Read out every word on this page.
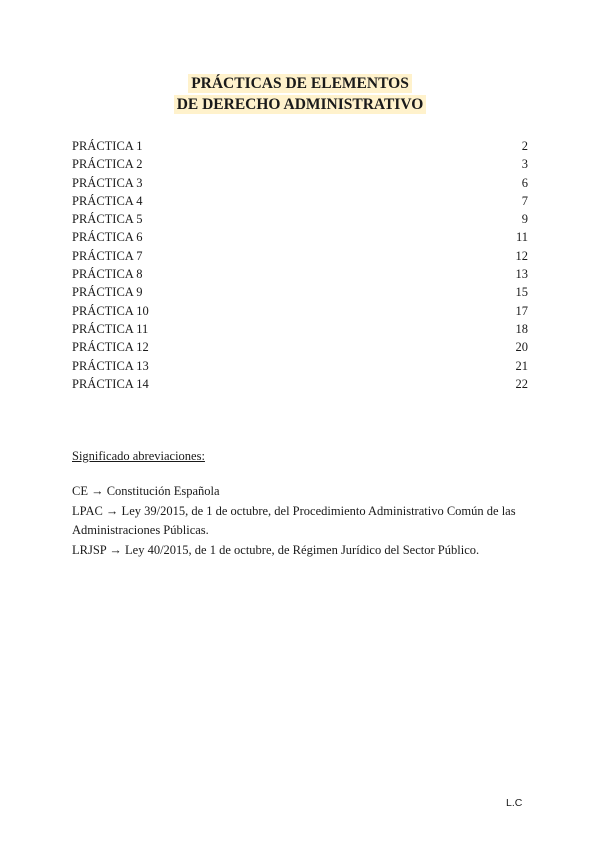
PRÁCTICAS DE ELEMENTOS
DE DERECHO ADMINISTRATIVO
PRÁCTICA 1	2
PRÁCTICA 2	3
PRÁCTICA 3	6
PRÁCTICA 4	7
PRÁCTICA 5	9
PRÁCTICA 6	11
PRÁCTICA 7	12
PRÁCTICA 8	13
PRÁCTICA 9	15
PRÁCTICA 10	17
PRÁCTICA 11	18
PRÁCTICA 12	20
PRÁCTICA 13	21
PRÁCTICA 14	22
Significado abreviaciones:

CE → Constitución Española

LPAC → Ley 39/2015, de 1 de octubre, del Procedimiento Administrativo Común de las Administraciones Públicas.

LRJSP → Ley 40/2015, de 1 de octubre, de Régimen Jurídico del Sector Público.

L.C
